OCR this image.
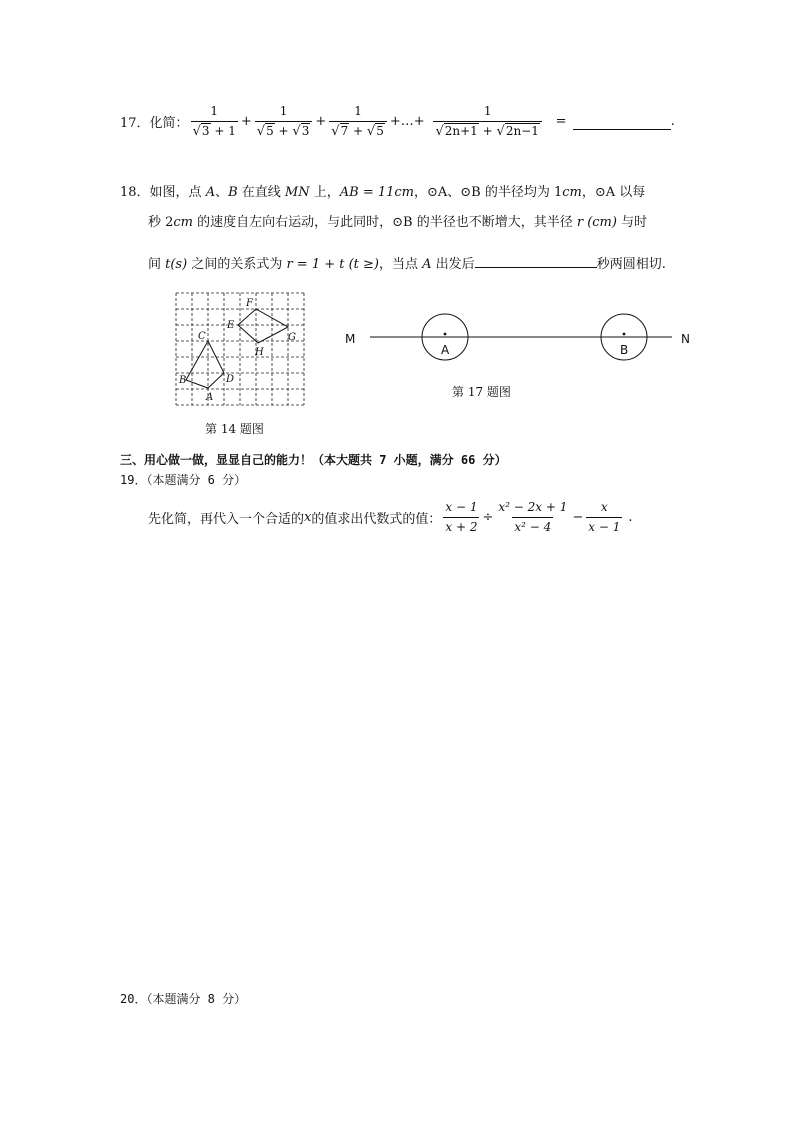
17． 化简： $\frac{1}{√3 + 1} + \frac{1}{√5 + √3} + \frac{1}{√7 + √5}$ +…+ $\frac{1}{√2n+1 + √2n-1}$ =	.
18．如图，点 A、B 在直线 MN 上，AB = 11cm，⊙A、⊙B 的半径均为 1cm，⊙A 以每
秒 2cm 的速度自左向右运动，与此同时，⊙B 的半径也不断增大，其半径 r (cm) 与时
间 t(s) 之间的关系式为 r = 1 + t (t ≥)，当点 A 出发后	秒两圆相切.
F
E
G
H
C
B	D
A
第 14 题图
M	N
A	B
第 17 题图
三、用心做一做，显显自己的能力！（本大题共 7 小题，满分 66 分）
19．（本题满分 6 分）
先化简，再代入一个合适的 x 的值求出代数式的值： $\frac{x - 1}{x + 2} \div \frac{\text{x² − 2x + 1}}{\text{x² − 4}} - \frac{x}{x - 1}$ .
20．（本题满分 8 分）
